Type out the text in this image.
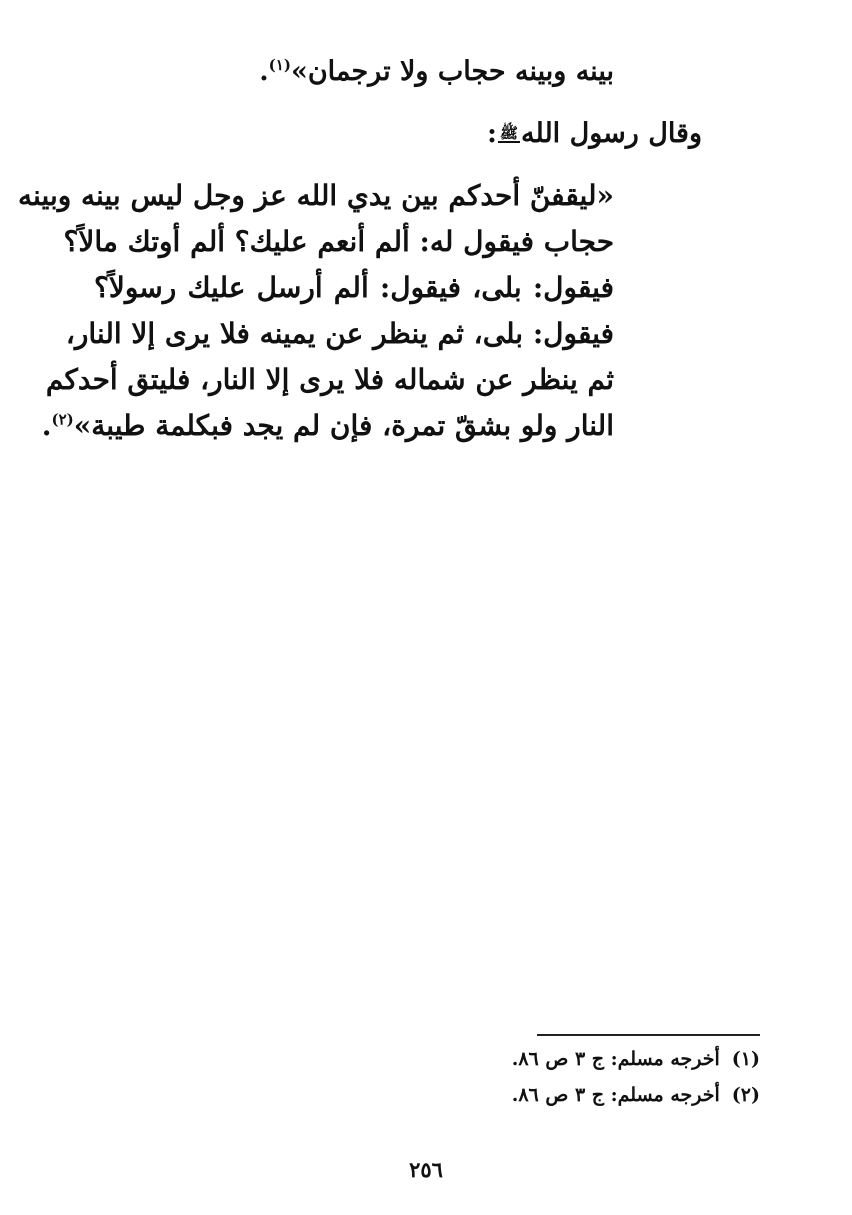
بينه وبينه حجاب ولا ترجمان»$^{(١)}$.
وقال رسول اللهﷺ:
«ليقفنّ أحدكم بين يدي الله عز وجل ليس بينه وبينه
حجاب فيقول له: ألم أنعم عليك؟ ألم أوتك مالاً؟
فيقول: بلى، فيقول: ألم أرسل عليك رسولاً؟
فيقول: بلى، ثم ينظر عن يمينه فلا يرى إلا النار،
ثم ينظر عن شماله فلا يرى إلا النار، فليتق أحدكم
النار ولو بشقّ تمرة، فإن لم يجد فبكلمة طيبة»$^{(٢)}$.
(١)أخرجه مسلم: ج ٣ ص ٨٦.
(٢)أخرجه مسلم: ج ٣ ص ٨٦.
٢٥٦
